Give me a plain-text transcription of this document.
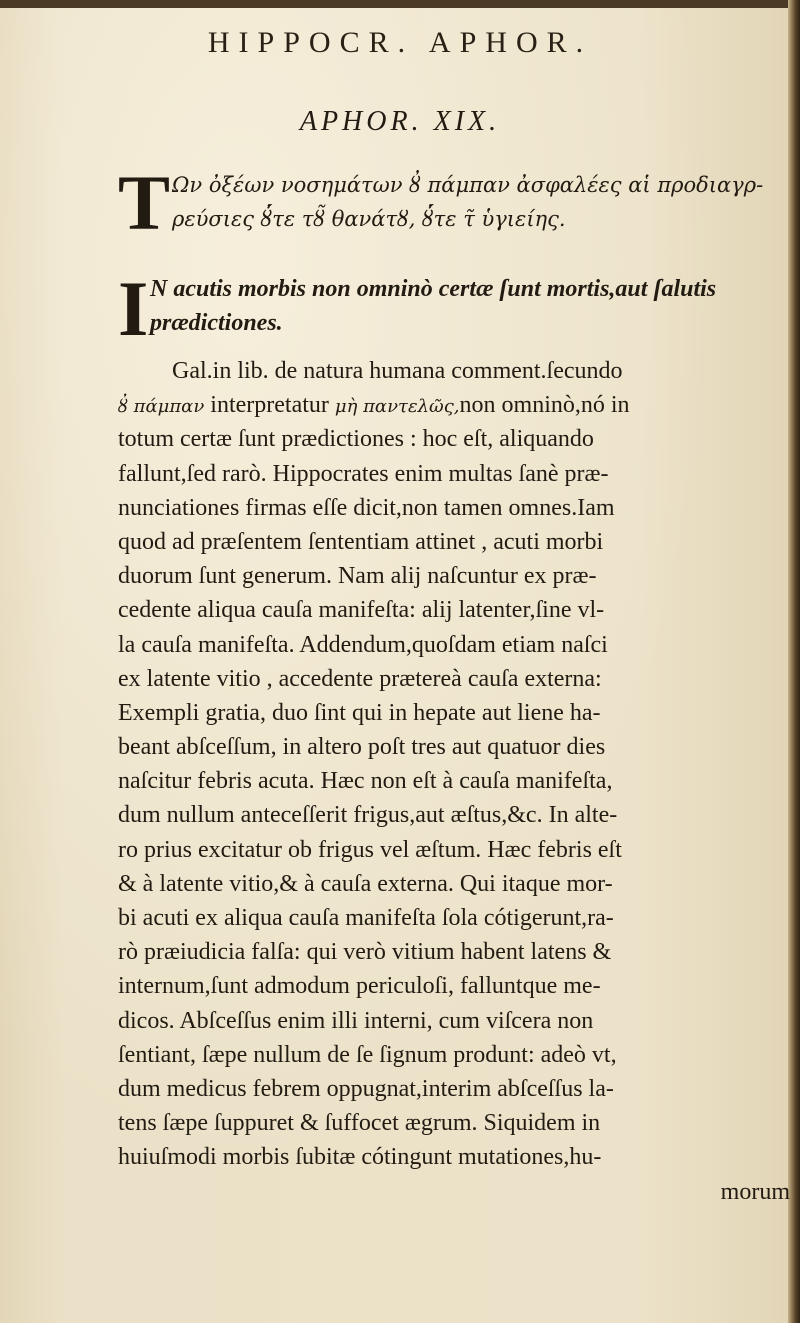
HIPPOCR. APHOR.
APHOR. XIX.
T Ων ὀξέων νοσημάτων ȣ̓ πάμπαν ἀσφαλέες αἱ προδιαγρ-
ρεύσιες ȣ̓́τε τȣ̃ θανάτȣ, ȣ̓́τε τ̃ ὑγιείης.
I N acutis morbis non omninò certæ ſunt mortis,aut ſalutis
prædictiones.
Gal.in lib. de natura humana comment.ſecundo
ȣ̓ πάμπαν interpretatur μὴ παντελῶς,non omninò,nó in
totum certæ ſunt prædictiones : hoc eſt, aliquando
fallunt,ſed rarò. Hippocrates enim multas ſanè præ-
nunciationes firmas eſſe dicit,non tamen omnes.Iam
quod ad præſentem ſententiam attinet , acuti morbi
duorum ſunt generum. Nam alij naſcuntur ex præ-
cedente aliqua cauſa manifeſta: alij latenter,ſine vl-
la cauſa manifeſta. Addendum,quoſdam etiam naſci
ex latente vitio , accedente prætereà cauſa externa:
Exempli gratia, duo ſint qui in hepate aut liene ha-
beant abſceſſum, in altero poſt tres aut quatuor dies
naſcitur febris acuta. Hæc non eſt à cauſa manifeſta,
dum nullum anteceſſerit frigus,aut æſtus,&c. In alte-
ro prius excitatur ob frigus vel æſtum. Hæc febris eſt
& à latente vitio,& à cauſa externa. Qui itaque mor-
bi acuti ex aliqua cauſa manifeſta ſola cótigerunt,ra-
rò præiudicia falſa: qui verò vitium habent latens &
internum,ſunt admodum periculoſi, falluntque me-
dicos. Abſceſſus enim illi interni, cum viſcera non
ſentiant, ſæpe nullum de ſe ſignum produnt: adeò vt,
dum medicus febrem oppugnat,interim abſceſſus la-
tens ſæpe ſuppuret & ſuffocet ægrum. Siquidem in
huiuſmodi morbis ſubitæ cótingunt mutationes,hu-
morum
